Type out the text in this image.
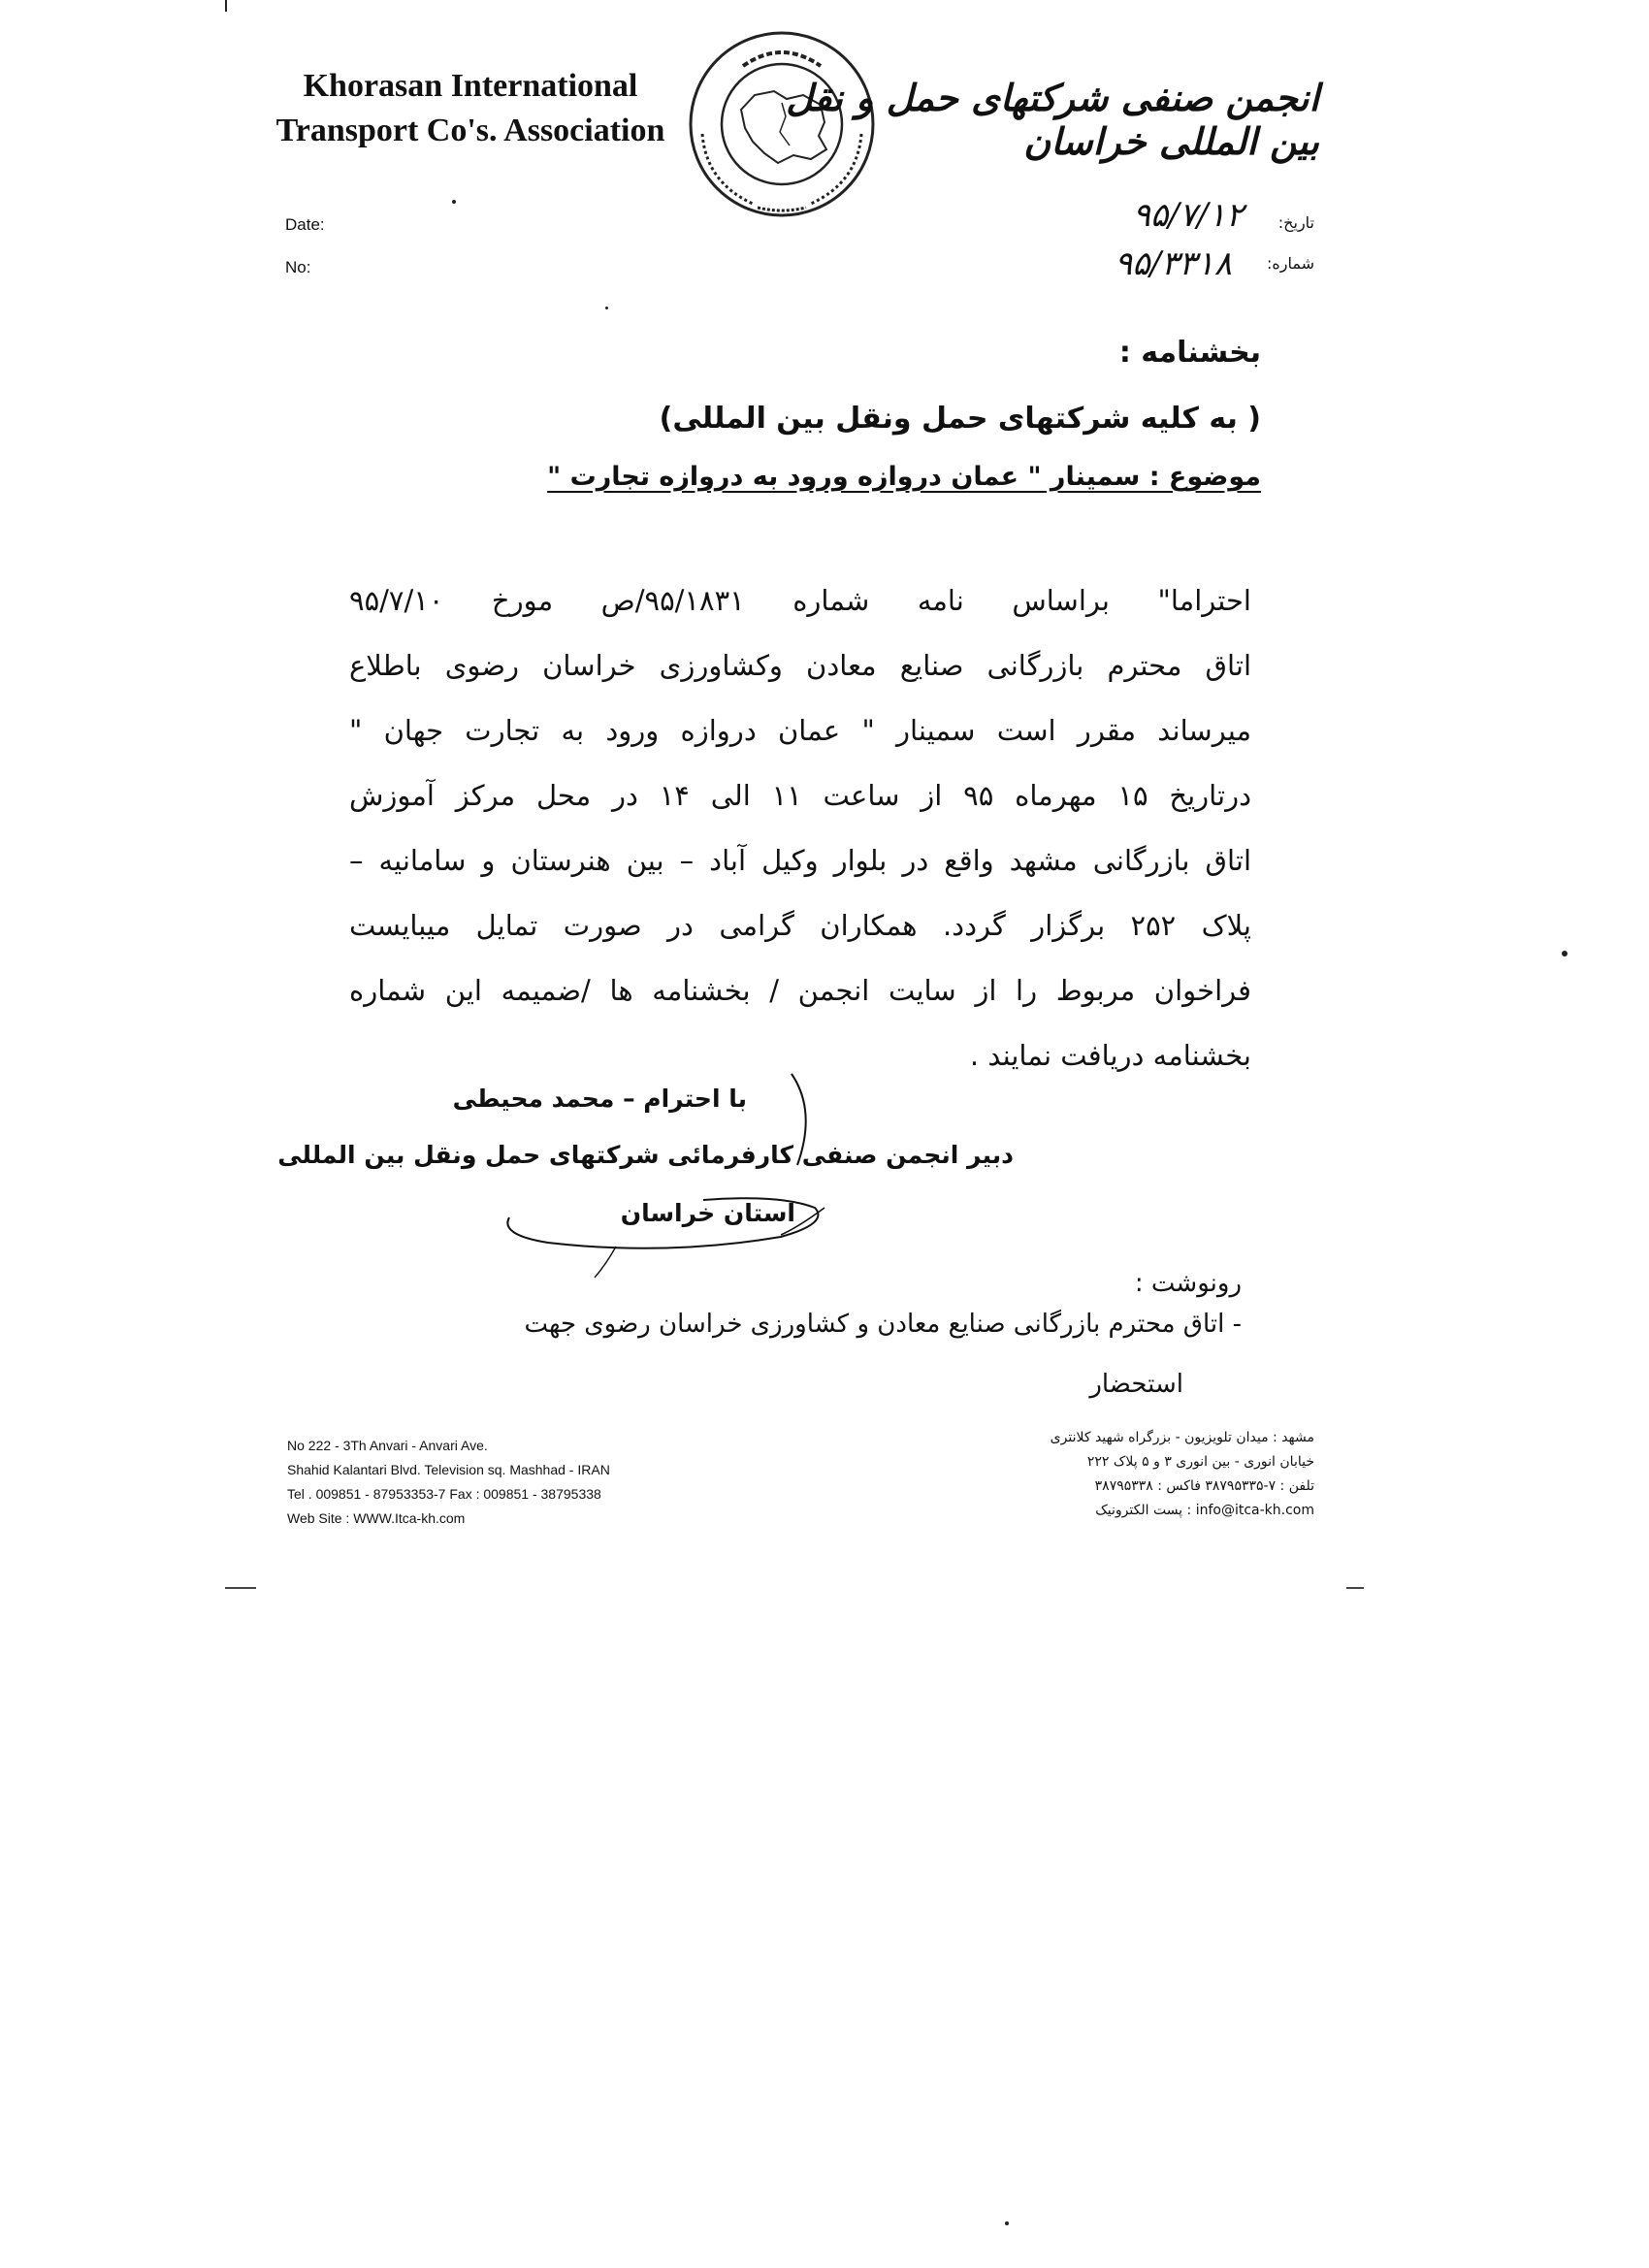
Khorasan International
Transport Co's. Association
انجمن صنفی شرکتهای حمل و نقل بین المللی خراسان
Date:
No:
تاریخ:
۹۵/۷/۱۲
شماره:
۹۵/۳۳۱۸
بخشنامه :
( به کلیه شرکتهای حمل ونقل بین المللی)
موضوع : سمینار " عمان دروازه ورود به دروازه تجارت "
احتراما" براساس نامه شماره ۹۵/۱۸۳۱/ص مورخ ۹۵/۷/۱۰
اتاق محترم بازرگانی صنایع معادن وکشاورزی خراسان رضوی باطلاع
میرساند مقرر است سمینار " عمان دروازه ورود به تجارت جهان "
درتاریخ ۱۵ مهرماه ۹۵ از ساعت ۱۱ الی ۱۴ در محل مرکز آموزش
اتاق بازرگانی مشهد واقع در بلوار وکیل آباد – بین هنرستان و سامانیه –
پلاک ۲۵۲ برگزار گردد. همکاران گرامی در صورت تمایل میبایست
فراخوان مربوط را از سایت انجمن / بخشنامه ها /ضمیمه این شماره
بخشنامه دریافت نمایند .
با احترام – محمد محیطی
دبیر انجمن صنفی کارفرمائی شرکتهای حمل ونقل بین المللی
استان خراسان
رونوشت :
- اتاق محترم بازرگانی صنایع معادن و کشاورزی خراسان رضوی جهت
استحضار
No 222 - 3Th Anvari - Anvari Ave.
Shahid Kalantari Blvd. Television sq. Mashhad - IRAN
Tel . 009851 - 87953353-7 Fax : 009851 - 38795338
Web Site : WWW.Itca-kh.com
مشهد : میدان تلویزیون - بزرگراه شهید کلانتری
خیابان انوری - بین انوری ۳ و ۵ پلاک ۲۲۲
تلفن : ۷-۳۸۷۹۵۳۳۵ فاکس : ۳۸۷۹۵۳۳۸
info@itca-kh.com : پست الکترونیک
